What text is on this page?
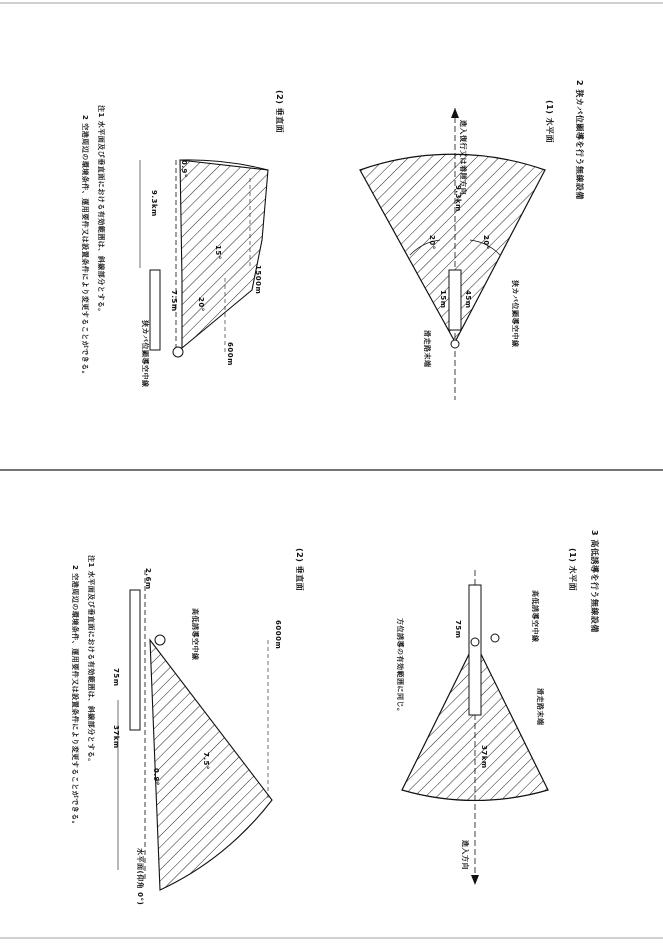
2 狭カバ位顕導を行う無線設備
(1) 水平面
(2) 垂直面
進入復行又は着陸方向
9.3km
20°	20°
45m
15m	狭カバ位顕導空中線
滑走路末端
0.9°
9.3km
15°
20°
7.5m
1500m
600m
狭カバ位顕導空中線
注1 水平面及び垂直面における有効範囲は、斜線部分とする。
2 空港周辺の環境条件、運用要件又は設置条件により変更することができる。
3 高低誘導を行う無線設備
(1) 水平面
(2) 垂直面
高低誘導空中線
75m
滑走路末端
方位誘導の有効範囲に同じ。
37km
進入方向
6000m
高低誘導空中線
2.6m
75m
37km
7.5°
0.9°
水平面(仰角 0°)
注1 水平面及び垂直面における有効範囲は、斜線部分とする。
2 空港周辺の環境条件、運用要件又は設置条件により変更することができる。
